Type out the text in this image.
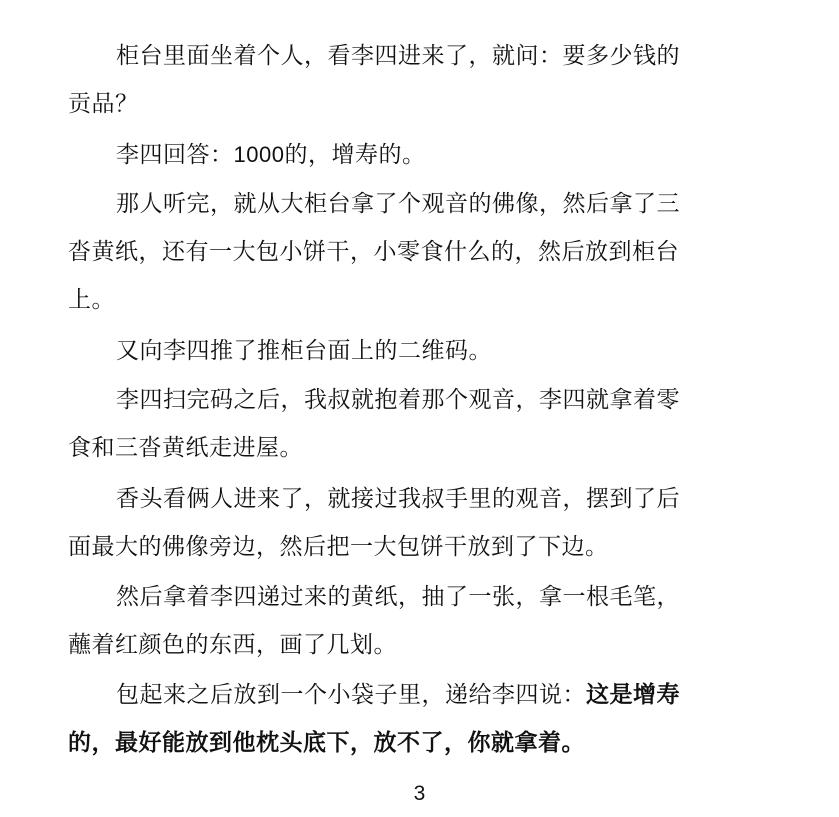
柜台里面坐着个人，看李四进来了，就问：要多少钱的
贡品？
李四回答：1000的，增寿的。
那人听完，就从大柜台拿了个观音的佛像，然后拿了三
沓黄纸，还有一大包小饼干，小零食什么的，然后放到柜台
上。
又向李四推了推柜台面上的二维码。
李四扫完码之后，我叔就抱着那个观音，李四就拿着零
食和三沓黄纸走进屋。
香头看俩人进来了，就接过我叔手里的观音，摆到了后
面最大的佛像旁边，然后把一大包饼干放到了下边。
然后拿着李四递过来的黄纸，抽了一张，拿一根毛笔，
蘸着红颜色的东西，画了几划。
包起来之后放到一个小袋子里，递给李四说：这是增寿
的，最好能放到他枕头底下，放不了，你就拿着。
3
